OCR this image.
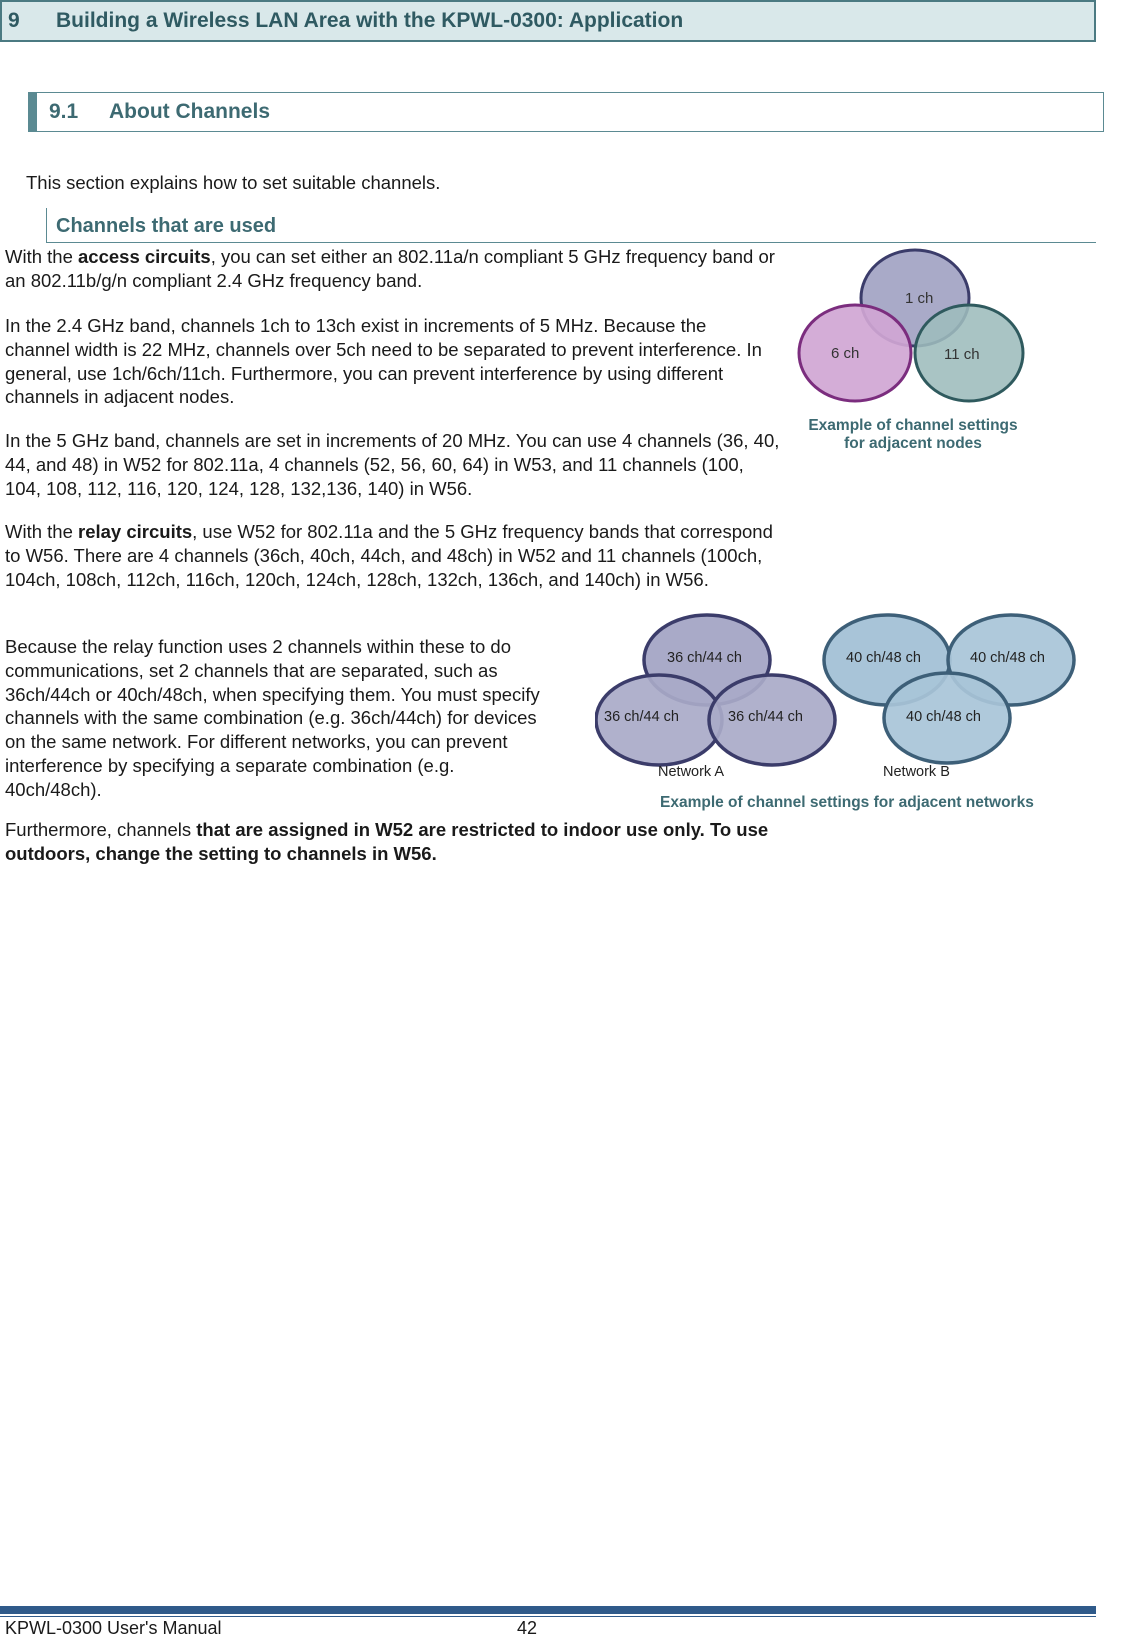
9	Building a Wireless LAN Area with the KPWL-0300: Application
9.1	About Channels
This section explains how to set suitable channels.
Channels that are used

With the access circuits, you can set either an 802.11a/n compliant 5 GHz frequency band or an 802.11b/g/n compliant 2.4 GHz frequency band.

In the 2.4 GHz band, channels 1ch to 13ch exist in increments of 5 MHz. Because the channel width is 22 MHz, channels over 5ch need to be separated to prevent interference. In general, use 1ch/6ch/11ch. Furthermore, you can prevent interference by using different channels in adjacent nodes.

In the 5 GHz band, channels are set in increments of 20 MHz. You can use 4 channels (36, 40, 44, and 48) in W52 for 802.11a, 4 channels (52, 56, 60, 64) in W53, and 11 channels (100, 104, 108, 112, 116, 120, 124, 128, 132,136, 140) in W56.

With the relay circuits, use W52 for 802.11a and the 5 GHz frequency bands that correspond to W56. There are 4 channels (36ch, 40ch, 44ch, and 48ch) in W52 and 11 channels (100ch, 104ch, 108ch, 112ch, 116ch, 120ch, 124ch, 128ch, 132ch, 136ch, and 140ch) in W56.

Because the relay function uses 2 channels within these to do communications, set 2 channels that are separated, such as 36ch/44ch or 40ch/48ch, when specifying them. You must specify channels with the same combination (e.g. 36ch/44ch) for devices on the same network. For different networks, you can prevent interference by specifying a separate combination (e.g. 40ch/48ch).

Furthermore, channels that are assigned in W52 are restricted to indoor use only. To use outdoors, change the setting to channels in W56.

1 ch
6 ch	11 ch
Example of channel settings
for adjacent nodes
36 ch/44 ch
36 ch/44 ch	36 ch/44 ch
Network A
40 ch/48 ch	40 ch/48 ch
40 ch/48 ch
Network B
Example of channel settings for adjacent networks
KPWL-0300 User's Manual	42
